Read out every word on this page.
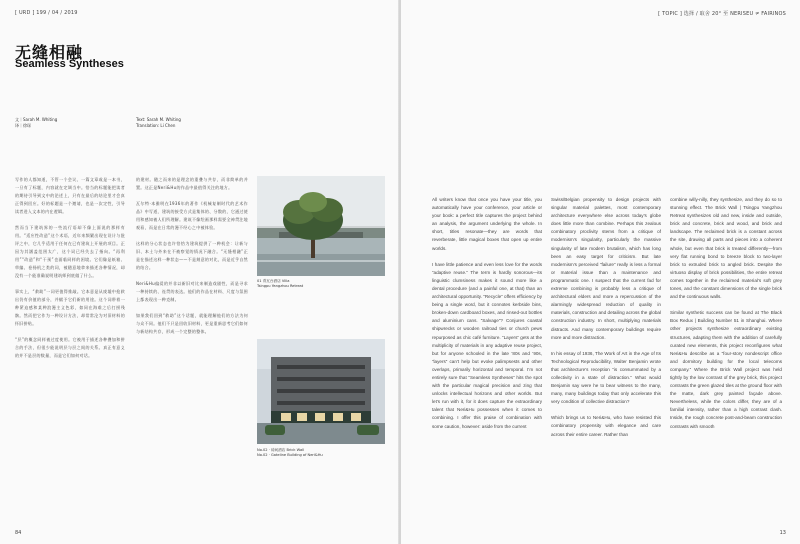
[ URD ] 199 / 04 / 2019
无缝相融
Seamless Syntheses
文｜Sarah M. Whiting
译｜徐琛
Text: Sarah M. Whiting
Translation: Li Chen

写作的人都知道，不管一个会议、一篇文章或是一本书，一旦有了标题，内容就在定调当中。恰当的标题能把读者的期待引导到文中的论述上，只有在最后的结论里才会真正得到回应。好的标题是一个邀请，也是一次定性，引导读者进入文本的内在逻辑。

然而当下建筑界的一些流行语却不像上面说的那样有用。“适应性改造”这个术语，近年来频繁出现在设计与批评之中，它几乎适用于任何在已有建筑上开展的项目。正因为其涵盖范围太广，这个词已经失去了指向。“再利用”“改造”和“干预”也面临同样的困境。它们像是纸箱、草编、卷扬机之类的词，被随意地拿来描述各种情况，却没有一个能准确说明建筑师到底做了什么。

事实上，“救助”一词更值得推敲。它本意是从废墟中抢救出仍有价值的部分，并赋予它们新的用途。这个词带着一种紧迫感和某种浪漫主义色彩，如同在海难之后打捞残骸。然而把它作为一种设计方法，却常常沦为对旧材料的怀旧拼贴。

“层”的概念同样被过度使用。它被用于描述各种叠加和拼合的手法，但很少能说明层与层之间的关系。真正有意义的并不是层的数量，而是它们如何对话。

的建材。随之而来的是理念的重叠与共存，而非简单的并置。这正是Neri&Hu的作品中最值得关注的地方。

瓦尔特·本雅明在1936年的著作《机械复制时代的艺术作品》中写道，建筑的接受方式是集体的、分散的，它通过使用和感知被人们所理解。建筑不像绘画那样需要全神贯注地观看，而是在日常的漫不经心之中被体验。

这样的分心状态也许恰恰为建筑提供了一种机会：让新与旧、本土与外来在不被察觉的情况下融合。“无缝相融”正是在描述这样一种状态——不是刻意的对比，而是近乎自然的结合。

Neri&Hu偏爱的并非以新旧对比来制造戏剧性，而是寻求一种持续的、连贯的表达。他们的作品在材料、尺度与氛围上都表现出一种克制。

如果我们回到“救助”这个话题，就能理解他们的方法为何与众不同。他们不只是回收旧材料，更是重新思考它们如何与新结构共存，形成一个完整的整体。

01 青瓦台酒店 Villa
Tsingpu Yangzhou Retreat
No.02 · 砖间酒店 Brick Wall
No.02 · Gateline Building of Neri&Hu
84
[ TOPIC ] 选择 / 取舍 20° 至 NERISEU ≠ FAIRINOS

All writers know that once you have your title, you automatically have your conference, your article or your book: a perfect title captures the project behind an analysis, the argument underlying the whole. In short, titles resonate—they are words that reverberate, little magical boxes that open up entire worlds.

I have little patience and even less love for the words “adaptive reuse.” The term is hardly sonorous—its linguistic clumsiness makes it sound more like a dental procedure (and a painful one, at that) than an architectural opportunity. “Recycle” offers efficiency by being a single word, but it connotes kerbside bins, broken-down cardboard boxes, and rinsed-out bottles and aluminium cans. “Salvage”? Conjures coastal shipwrecks or wooden railroad ties or church pews repurposed as chic café furniture. “Layers” gets at the multiplicity of materials in any adaptive reuse project, but for anyone schooled in the late ’80s and ’90s, “layers” can’t help but evoke palimpsests and other overlaps, primarily horizontal and temporal. I’m not entirely sure that “Seamless Syntheses” hits the spot with the particular magical precision and zing that unlocks intellectual horizons and other worlds. But let’s run with it, for it does capture the extraordinary talent that Neri&Hu possesses when it comes to combining. I offer this praise of combination with some caution, however: aside from the current

Swiss/Belgian propensity to design projects with singular material palettes, most contemporary architecture everywhere else across today’s globe does little more than combine. Perhaps this zealous combinatory proclivity stems from a critique of modernism’s singularity, particularly the massive singularity of late modern brutalism, which has long been an easy target for criticism. But late modernism’s perceived “failure” really is less a formal or material issue than a maintenance and programmatic one. I suspect that the current fad for extreme combining is probably less a critique of architectural elders and more a repercussion of the alarmingly widespread reduction of quality in materials, construction and detailing across the global construction industry. In short, multiplying materials distracts. And many contemporary buildings require more and more distraction.

In his essay of 1936, The Work of Art in the Age of Its Technological Reproducibility, Walter Benjamin wrote that architecture’s reception “is consummated by a collectivity in a state of distraction.” What would Benjamin say were he to bear witness to the many, many, many buildings today that only accelerate this very condition of collective distraction?

Which brings us to Neri&Hu, who have resisted this combinatory propensity with elegance and care across their entire career. Rather than

combine willy-nilly, they synthesize, and they do so to stunning effect. The Brick Wall | Tsingpu Yangzhou Retreat synthesizes old and new, inside and outside, brick and concrete, brick and wood, and brick and landscape. The reclaimed brick is a constant across the site, drawing all parts and pieces into a coherent whole, but even that brick is treated differently—from very flat running bond to breeze block to two-layer brick to extruded brick to angled brick. Despite the virtuoso display of brick possibilities, the entire retreat comes together in the reclaimed material’s soft grey tones, and the constant dimensions of the single brick and the continuous walls.

Similar synthetic success can be found at The Black Box Redux | Building Number 51 in Shanghai. Where other projects synthesize extraordinary existing structures, adapting them with the addition of carefully curated new elements, this project reconfigures what Neri&Hu describe as a “four-story nondescript office and dormitory building for the local telecoms company.” Where the Brick Wall project was held tightly by the low contrast of the grey brick, this project contrasts the green glazed tiles at the ground floor with the matte, dark grey painted façade above. Nevertheless, while the colors differ, they are of a familial intensity, rather than a high contrast clash. Inside, the rough concrete post-and-beam construction contrasts with smooth

13
